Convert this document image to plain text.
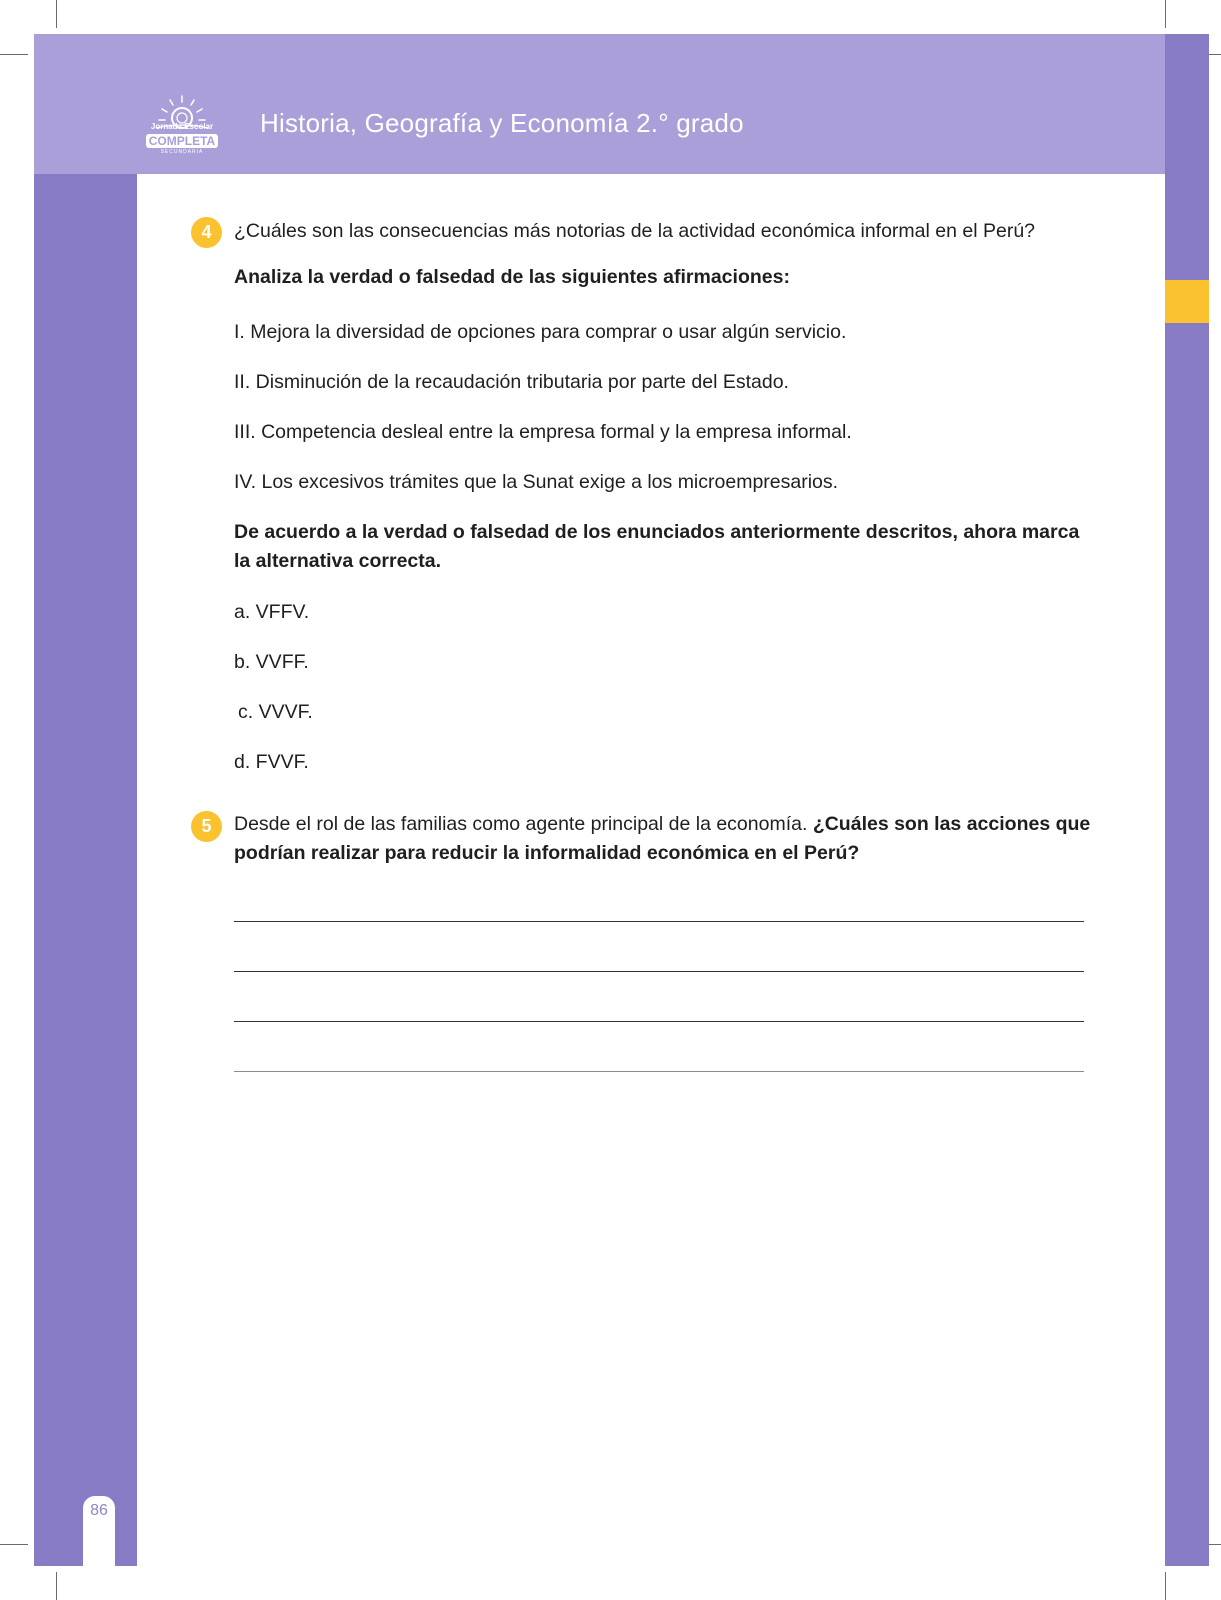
Jornada Escolar
COMPLETA
SECUNDARIA
Historia, Geografía y Economía 2.° grado
4	¿Cuáles son las consecuencias más notorias de la actividad económica informal en el Perú?
Analiza la verdad o falsedad de las siguientes afirmaciones:
I. Mejora la diversidad de opciones para comprar o usar algún servicio.
II. Disminución de la recaudación tributaria por parte del Estado.
III. Competencia desleal entre la empresa formal y la empresa informal.
IV. Los excesivos trámites que la Sunat exige a los microempresarios.
De acuerdo a la verdad o falsedad de los enunciados anteriormente descritos, ahora marca la alternativa correcta.
a. VFFV.
b. VVFF.
c. VVVF.
d. FVVF.
5	Desde el rol de las familias como agente principal de la economía. ¿Cuáles son las acciones que podrían realizar para reducir la informalidad económica en el Perú?
86
